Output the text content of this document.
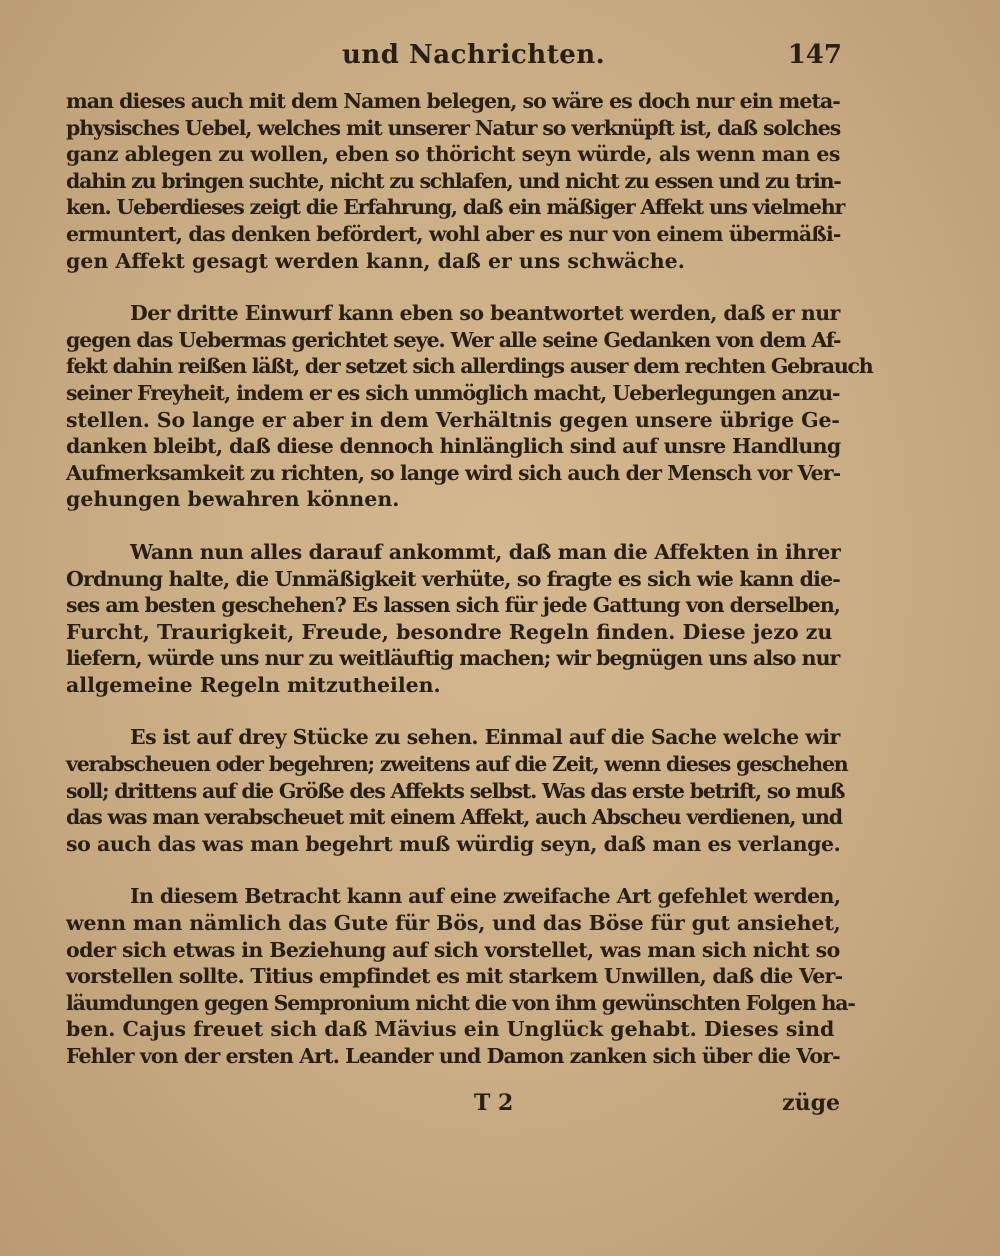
und Nachrichten.	147
man dieses auch mit dem Namen belegen, so wäre es doch nur ein meta-
physisches Uebel, welches mit unserer Natur so verknüpft ist, daß solches
ganz ablegen zu wollen, eben so thöricht seyn würde, als wenn man es
dahin zu bringen suchte, nicht zu schlafen, und nicht zu essen und zu trin-
ken. Ueberdieses zeigt die Erfahrung, daß ein mäßiger Affekt uns vielmehr
ermuntert, das denken befördert, wohl aber es nur von einem übermäßi-
gen Affekt gesagt werden kann, daß er uns schwäche.
Der dritte Einwurf kann eben so beantwortet werden, daß er nur
gegen das Uebermas gerichtet seye. Wer alle seine Gedanken von dem Af-
fekt dahin reißen läßt, der setzet sich allerdings auser dem rechten Gebrauch
seiner Freyheit, indem er es sich unmöglich macht, Ueberlegungen anzu-
stellen. So lange er aber in dem Verhältnis gegen unsere übrige Ge-
danken bleibt, daß diese dennoch hinlänglich sind auf unsre Handlung
Aufmerksamkeit zu richten, so lange wird sich auch der Mensch vor Ver-
gehungen bewahren können.
Wann nun alles darauf ankommt, daß man die Affekten in ihrer
Ordnung halte, die Unmäßigkeit verhüte, so fragte es sich wie kann die-
ses am besten geschehen? Es lassen sich für jede Gattung von derselben,
Furcht, Traurigkeit, Freude, besondre Regeln finden. Diese jezo zu
liefern, würde uns nur zu weitläuftig machen; wir begnügen uns also nur
allgemeine Regeln mitzutheilen.
Es ist auf drey Stücke zu sehen. Einmal auf die Sache welche wir
verabscheuen oder begehren; zweitens auf die Zeit, wenn dieses geschehen
soll; drittens auf die Größe des Affekts selbst. Was das erste betrift, so muß
das was man verabscheuet mit einem Affekt, auch Abscheu verdienen, und
so auch das was man begehrt muß würdig seyn, daß man es verlange.
In diesem Betracht kann auf eine zweifache Art gefehlet werden,
wenn man nämlich das Gute für Bös, und das Böse für gut ansiehet,
oder sich etwas in Beziehung auf sich vorstellet, was man sich nicht so
vorstellen sollte. Titius empfindet es mit starkem Unwillen, daß die Ver-
läumdungen gegen Sempronium nicht die von ihm gewünschten Folgen ha-
ben. Cajus freuet sich daß Mävius ein Unglück gehabt. Dieses sind
Fehler von der ersten Art. Leander und Damon zanken sich über die Vor-
T 2	züge
